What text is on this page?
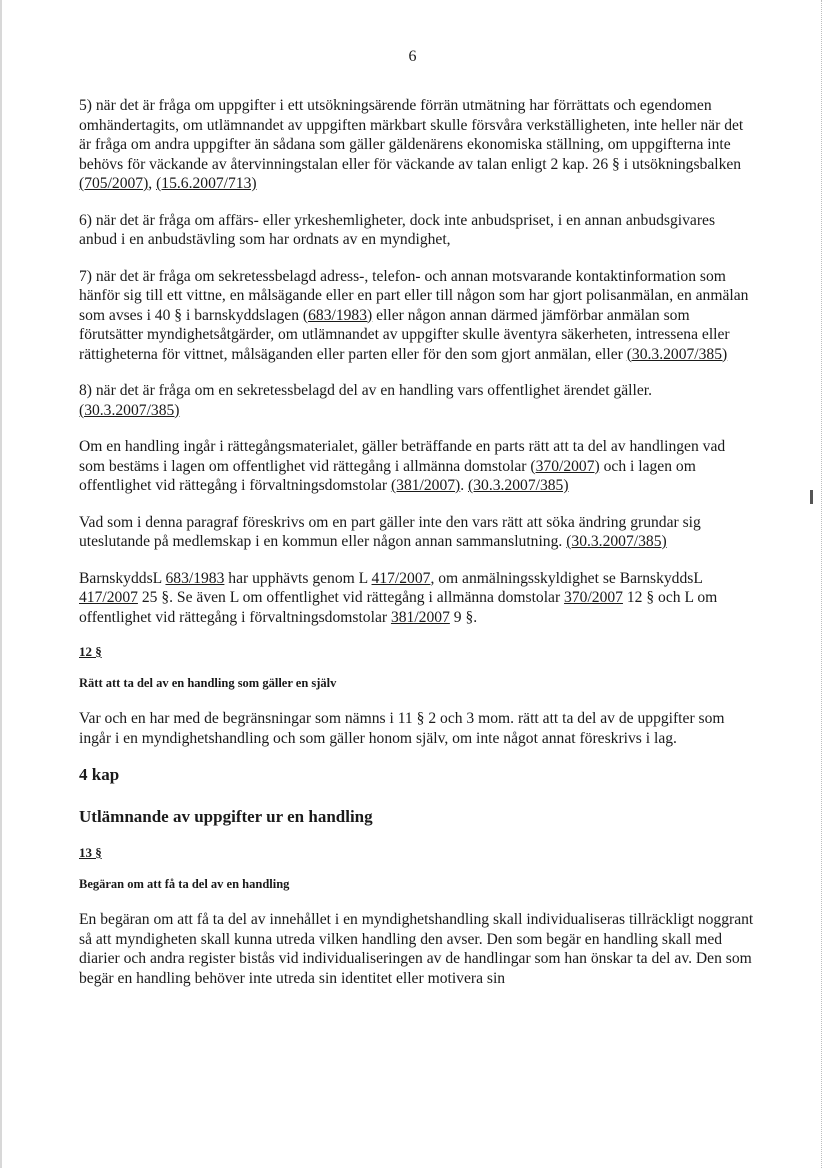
6

5) när det är fråga om uppgifter i ett utsökningsärende förrän utmätning har förrättats och egendomen omhändertagits, om utlämnandet av uppgiften märkbart skulle försvåra verkställigheten, inte heller när det är fråga om andra uppgifter än sådana som gäller gäldenärens ekonomiska ställning, om uppgifterna inte behövs för väckande av återvinningstalan eller för väckande av talan enligt 2 kap. 26 § i utsökningsbalken (705/2007), (15.6.2007/713)

6) när det är fråga om affärs- eller yrkeshemligheter, dock inte anbudspriset, i en annan anbudsgivares anbud i en anbudstävling som har ordnats av en myndighet,

7) när det är fråga om sekretessbelagd adress-, telefon- och annan motsvarande kontaktinformation som hänför sig till ett vittne, en målsägande eller en part eller till någon som har gjort polisanmälan, en anmälan som avses i 40 § i barnskyddslagen (683/1983) eller någon annan därmed jämförbar anmälan som förutsätter myndighetsåtgärder, om utlämnandet av uppgifter skulle äventyra säkerheten, intressena eller rättigheterna för vittnet, målsäganden eller parten eller för den som gjort anmälan, eller (30.3.2007/385)

8) när det är fråga om en sekretessbelagd del av en handling vars offentlighet ärendet gäller. (30.3.2007/385)

Om en handling ingår i rättegångsmaterialet, gäller beträffande en parts rätt att ta del av handlingen vad som bestäms i lagen om offentlighet vid rättegång i allmänna domstolar (370/2007) och i lagen om offentlighet vid rättegång i förvaltningsdomstolar (381/2007). (30.3.2007/385)

Vad som i denna paragraf föreskrivs om en part gäller inte den vars rätt att söka ändring grundar sig uteslutande på medlemskap i en kommun eller någon annan sammanslutning. (30.3.2007/385)

BarnskyddsL 683/1983 har upphävts genom L 417/2007, om anmälningsskyldighet se BarnskyddsL 417/2007 25 §. Se även L om offentlighet vid rättegång i allmänna domstolar 370/2007 12 § och L om offentlighet vid rättegång i förvaltningsdomstolar 381/2007 9 §.

12 §
Rätt att ta del av en handling som gäller en själv

Var och en har med de begränsningar som nämns i 11 § 2 och 3 mom. rätt att ta del av de uppgifter som ingår i en myndighetshandling och som gäller honom själv, om inte något annat föreskrivs i lag.

4 kap
Utlämnande av uppgifter ur en handling
13 §
Begäran om att få ta del av en handling

En begäran om att få ta del av innehållet i en myndighetshandling skall individualiseras tillräckligt noggrant så att myndigheten skall kunna utreda vilken handling den avser. Den som begär en handling skall med diarier och andra register bistås vid individualiseringen av de handlingar som han önskar ta del av. Den som begär en handling behöver inte utreda sin identitet eller motivera sin
